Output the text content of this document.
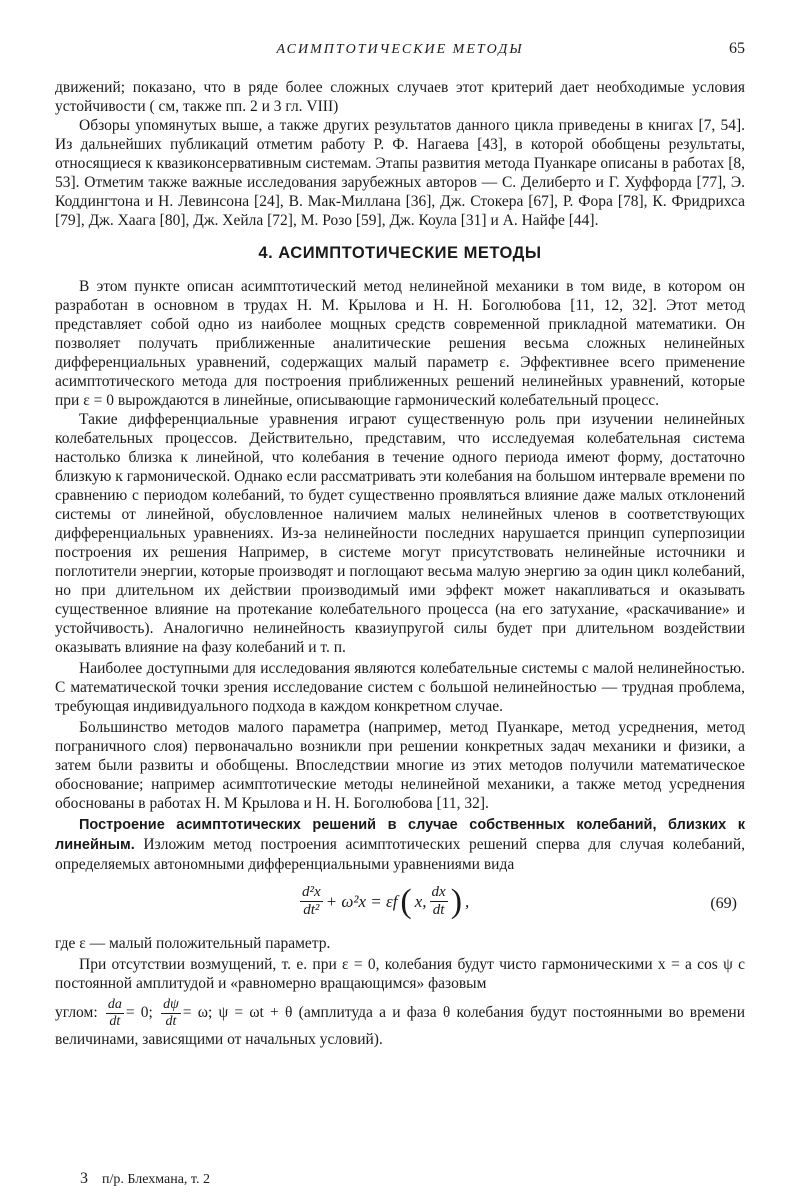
АСИМПТОТИЧЕСКИЕ МЕТОДЫ	65

движений; показано, что в ряде более сложных случаев этот критерий дает необходимые условия устойчивости ( см, также пп. 2 и 3 гл. VIII)

Обзоры упомянутых выше, а также других результатов данного цикла приведены в книгах [7, 54]. Из дальнейших публикаций отметим работу Р. Ф. Нагаева [43], в которой обобщены результаты, относящиеся к квазиконсервативным системам. Этапы развития метода Пуанкаре описаны в работах [8, 53]. Отметим также важные исследования зарубежных авторов — С. Делиберто и Г. Хуффорда [77], Э. Коддингтона и Н. Левинсона [24], В. Мак-Миллана [36], Дж. Стокера [67], Р. Фора [78], К. Фридрихса [79], Дж. Хаага [80], Дж. Хейла [72], М. Розо [59], Дж. Коула [31] и А. Найфе [44].

4. АСИМПТОТИЧЕСКИЕ МЕТОДЫ

В этом пункте описан асимптотический метод нелинейной механики в том виде, в котором он разработан в основном в трудах Н. М. Крылова и Н. Н. Боголюбова [11, 12, 32]. Этот метод представляет собой одно из наиболее мощных средств современной прикладной математики. Он позволяет получать приближенные аналитические решения весьма сложных нелинейных дифференциальных уравнений, содержащих малый параметр ε. Эффективнее всего применение асимптотического метода для построения приближенных решений нелинейных уравнений, которые при ε = 0 вырождаются в линейные, описывающие гармонический колебательный процесс.

Такие дифференциальные уравнения играют существенную роль при изучении нелинейных колебательных процессов. Действительно, представим, что исследуемая колебательная система настолько близка к линейной, что колебания в течение одного периода имеют форму, достаточно близкую к гармонической. Однако если рассматривать эти колебания на большом интервале времени по сравнению с периодом колебаний, то будет существенно проявляться влияние даже малых отклонений системы от линейной, обусловленное наличием малых нелинейных членов в соответствующих дифференциальных уравнениях. Из-за нелинейности последних нарушается принцип суперпозиции построения их решения Например, в системе могут присутствовать нелинейные источники и поглотители энергии, которые производят и поглощают весьма малую энергию за один цикл колебаний, но при длительном их действии производимый ими эффект может накапливаться и оказывать существенное влияние на протекание колебательного процесса (на его затухание, «раскачивание» и устойчивость). Аналогично нелинейность квазиупругой силы будет при длительном воздействии оказывать влияние на фазу колебаний и т. п.

Наиболее доступными для исследования являются колебательные системы с малой нелинейностью. С математической точки зрения исследование систем с большой нелинейностью — трудная проблема, требующая индивидуального подхода в каждом конкретном случае.

Большинство методов малого параметра (например, метод Пуанкаре, метод усреднения, метод пограничного слоя) первоначально возникли при решении конкретных задач механики и физики, а затем были развиты и обобщены. Впоследствии многие из этих методов получили математическое обоснование; например асимптотические методы нелинейной механики, а также метод усреднения обоснованы в работах Н. М Крылова и Н. Н. Боголюбова [11, 32].

Построение асимптотических решений в случае собственных колебаний, близких к линейным. Изложим метод построения асимптотических решений сперва для случая колебаний, определяемых автономными дифференциальными уравнениями вида

$\frac{\text{d²x}}{\text{dt²}} + \omega^2x = \varepsilon f$ ( x, $\frac{dx}{dt}$ ) ,	(69)

где ε — малый положительный параметр.

При отсутствии возмущений, т. е. при ε = 0, колебания будут чисто гармоническими x = a cos ψ с постоянной амплитудой и «равномерно вращающимся» фазовым

углом: $\frac{da}{dt} = 0$; $\frac{d\psi}{dt} = \omega$; ψ = ωt + θ (амплитуда a и фаза θ колебания будут постоянными во времени величинами, зависящими от начальных условий).

3 п/р. Блехмана, т. 2
